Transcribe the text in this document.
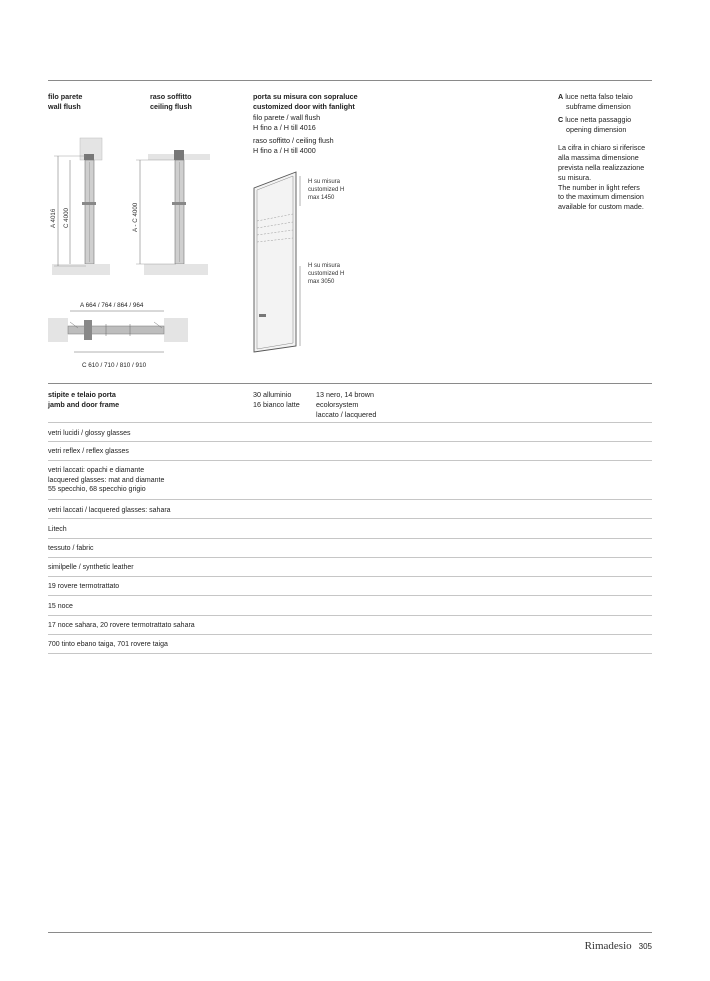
filo parete
wall flush
raso soffitto
ceiling flush
porta su misura con sopraluce
customized door with fanlight
filo parete / wall flush
H fino a / H till 4016
raso soffitto / ceiling flush
H fino a / H till 4000
A luce netta falso telaio
subframe dimension
C luce netta passaggio
opening dimension
La cifra in chiaro si riferisce
alla massima dimensione
prevista nella realizzazione
su misura.
The number in light refers
to the maximum dimension
available for custom made.
A 4016 C 4000	A - C 4000
A 664 / 764 / 864 / 964
C 610 / 710 / 810 / 910
H su misura
customized H
max 1450
H su misura
customized H
max 3050
stipite e telaio porta
jamb and door frame
30 alluminio
16 bianco latte
13 nero, 14 brown
ecolorsystem
laccato / lacquered
vetri lucidi / glossy glasses
vetri reflex / reflex glasses
vetri laccati: opachi e diamante
lacquered glasses: mat and diamante
55 specchio, 68 specchio grigio
vetri laccati / lacquered glasses: sahara
Litech
tessuto / fabric
similpelle / synthetic leather
19 rovere termotrattato
15 noce
17 noce sahara, 20 rovere termotrattato sahara
700 tinto ebano taiga, 701 rovere taiga
Rimadesio 305
